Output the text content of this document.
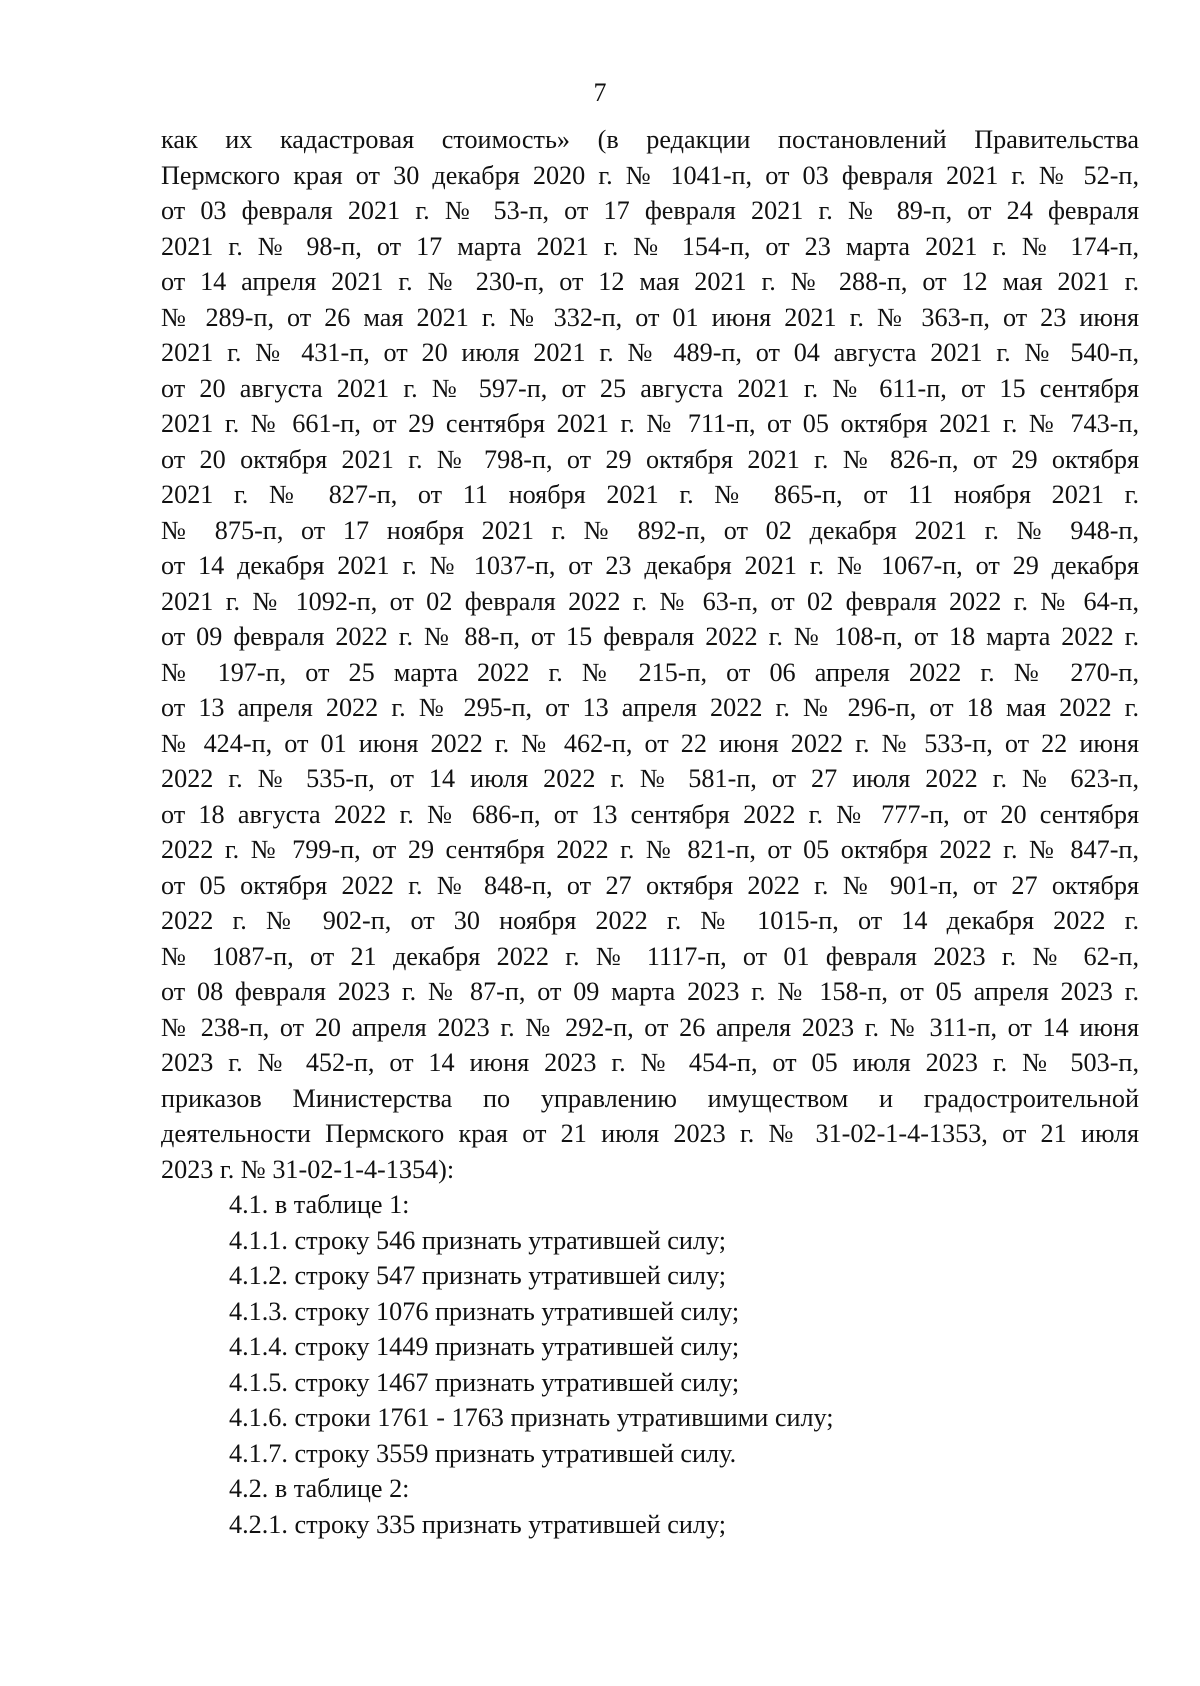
7
как их кадастровая стоимость» (в редакции постановлений Правительства
Пермского края от 30 декабря 2020 г. № 1041-п, от 03 февраля 2021 г. № 52-п,
от 03 февраля 2021 г. № 53-п, от 17 февраля 2021 г. № 89-п, от 24 февраля
2021 г. № 98-п, от 17 марта 2021 г. № 154-п, от 23 марта 2021 г. № 174-п,
от 14 апреля 2021 г. № 230-п, от 12 мая 2021 г. № 288-п, от 12 мая 2021 г.
№ 289-п, от 26 мая 2021 г. № 332-п, от 01 июня 2021 г. № 363-п, от 23 июня
2021 г. № 431-п, от 20 июля 2021 г. № 489-п, от 04 августа 2021 г. № 540-п,
от 20 августа 2021 г. № 597-п, от 25 августа 2021 г. № 611-п, от 15 сентября
2021 г. № 661-п, от 29 сентября 2021 г. № 711-п, от 05 октября 2021 г. № 743-п,
от 20 октября 2021 г. № 798-п, от 29 октября 2021 г. № 826-п, от 29 октября
2021 г. № 827-п, от 11 ноября 2021 г. № 865-п, от 11 ноября 2021 г.
№ 875-п, от 17 ноября 2021 г. № 892-п, от 02 декабря 2021 г. № 948-п,
от 14 декабря 2021 г. № 1037-п, от 23 декабря 2021 г. № 1067-п, от 29 декабря
2021 г. № 1092-п, от 02 февраля 2022 г. № 63-п, от 02 февраля 2022 г. № 64-п,
от 09 февраля 2022 г. № 88-п, от 15 февраля 2022 г. № 108-п, от 18 марта 2022 г.
№ 197-п, от 25 марта 2022 г. № 215-п, от 06 апреля 2022 г. № 270-п,
от 13 апреля 2022 г. № 295-п, от 13 апреля 2022 г. № 296-п, от 18 мая 2022 г.
№ 424-п, от 01 июня 2022 г. № 462-п, от 22 июня 2022 г. № 533-п, от 22 июня
2022 г. № 535-п, от 14 июля 2022 г. № 581-п, от 27 июля 2022 г. № 623-п,
от 18 августа 2022 г. № 686-п, от 13 сентября 2022 г. № 777-п, от 20 сентября
2022 г. № 799-п, от 29 сентября 2022 г. № 821-п, от 05 октября 2022 г. № 847-п,
от 05 октября 2022 г. № 848-п, от 27 октября 2022 г. № 901-п, от 27 октября
2022 г. № 902-п, от 30 ноября 2022 г. № 1015-п, от 14 декабря 2022 г.
№ 1087-п, от 21 декабря 2022 г. № 1117-п, от 01 февраля 2023 г. № 62-п,
от 08 февраля 2023 г. № 87-п, от 09 марта 2023 г. № 158-п, от 05 апреля 2023 г.
№ 238-п, от 20 апреля 2023 г. № 292-п, от 26 апреля 2023 г. № 311-п, от 14 июня
2023 г. № 452-п, от 14 июня 2023 г. № 454-п, от 05 июля 2023 г. № 503-п,
приказов Министерства по управлению имуществом и градостроительной
деятельности Пермского края от 21 июля 2023 г. № 31-02-1-4-1353, от 21 июля
2023 г. № 31-02-1-4-1354):
4.1. в таблице 1:
4.1.1. строку 546 признать утратившей силу;
4.1.2. строку 547 признать утратившей силу;
4.1.3. строку 1076 признать утратившей силу;
4.1.4. строку 1449 признать утратившей силу;
4.1.5. строку 1467 признать утратившей силу;
4.1.6. строки 1761 - 1763 признать утратившими силу;
4.1.7. строку 3559 признать утратившей силу.
4.2. в таблице 2:
4.2.1. строку 335 признать утратившей силу;
